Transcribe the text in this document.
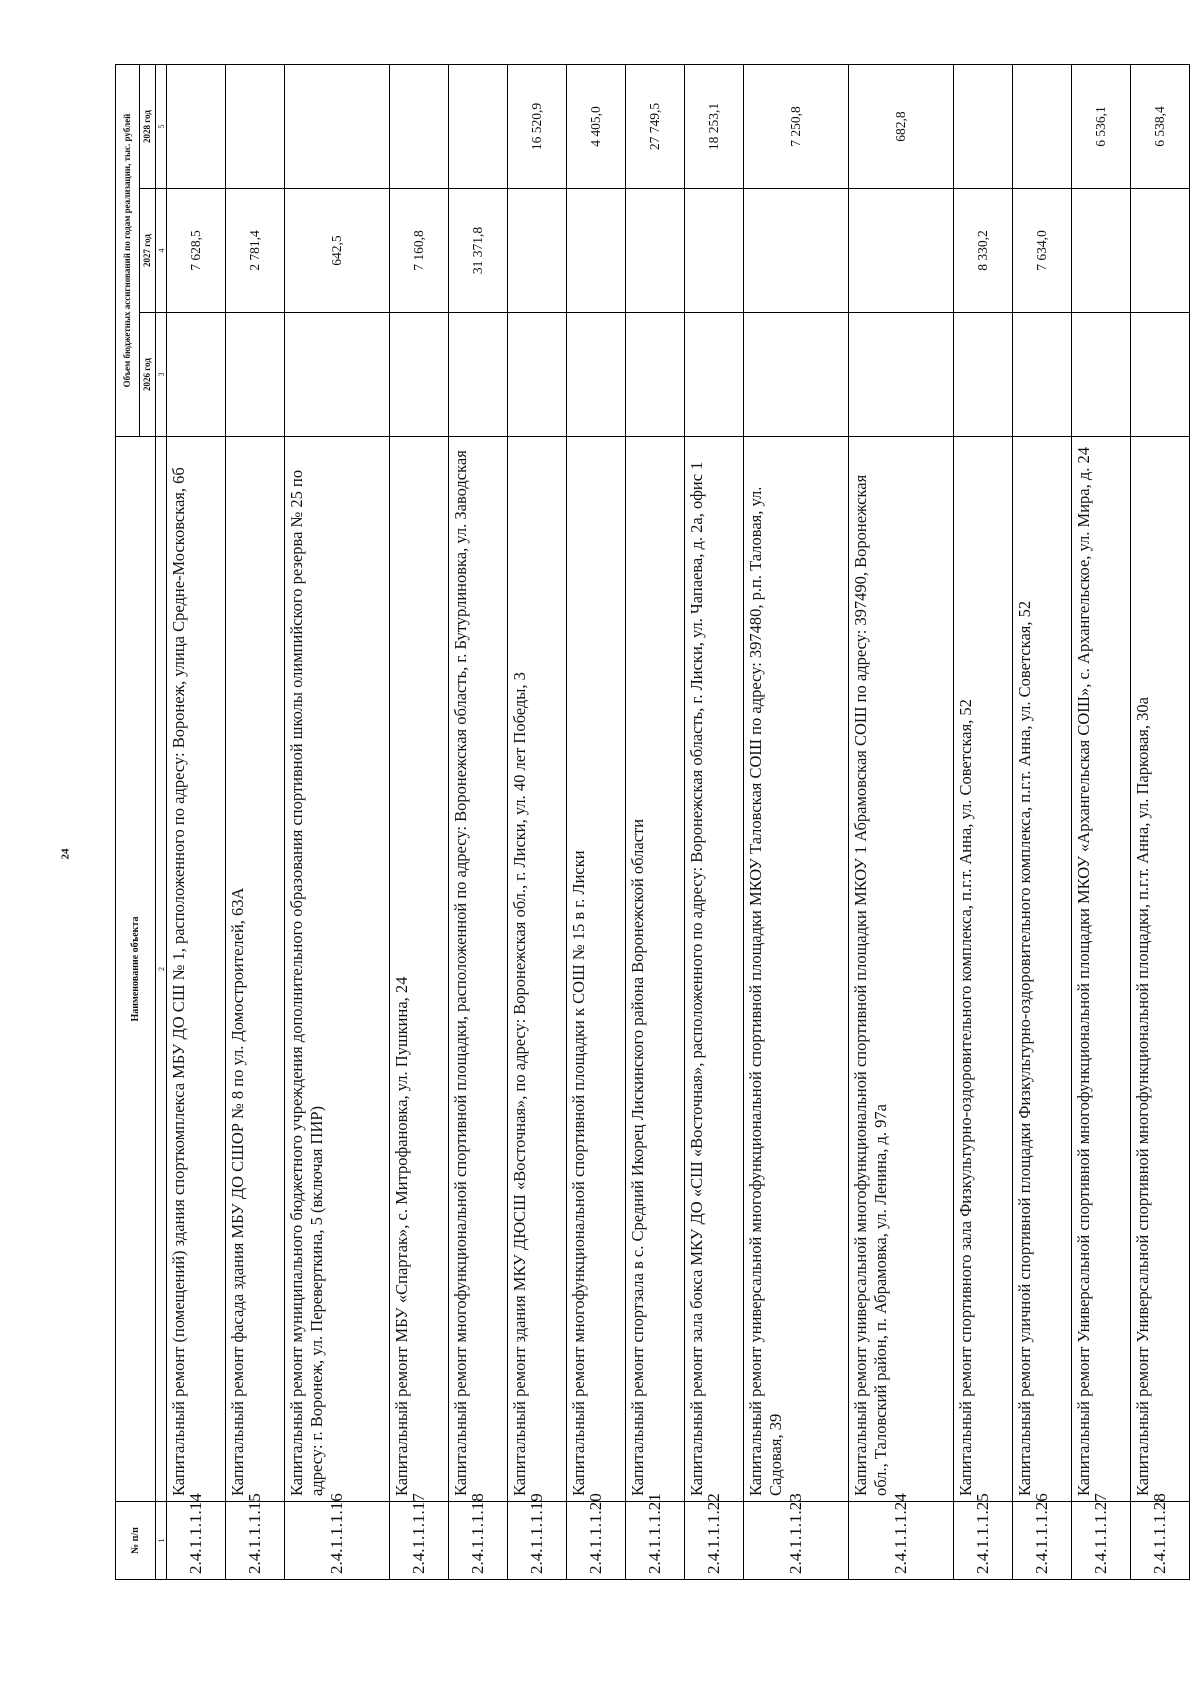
24
№ п/п	Наименование объекта	Объем бюджетных ассигнований по годам реализации, тыс. рублей		
		2026 год	2027 год	2028 год
1	2	3	4	5
2.4.1.1.1.14	Капитальный ремонт (помещений) здания спорткомплекса МБУ ДО СШ № 1, расположенного по адресу: Воронеж, улица Средне-Московская, 6б		7 628,5	
2.4.1.1.1.15	Капитальный ремонт фасада здания МБУ ДО СШОР № 8 по ул. Домостроителей, 63А		2 781,4	
2.4.1.1.1.16	Капитальный ремонт муниципального бюджетного учреждения дополнительного образования спортивной школы олимпийского резерва № 25 по адресу: г. Воронеж, ул. Переверткина, 5 (включая ПИР)		642,5	
2.4.1.1.1.17	Капитальный ремонт МБУ «Спартак», с. Митрофановка, ул. Пушкина, 24		7 160,8	
2.4.1.1.1.18	Капитальный ремонт многофункциональной спортивной площадки, расположенной по адресу: Воронежская область, г. Бутурлиновка, ул. Заводская		31 371,8	
2.4.1.1.1.19	Капитальный ремонт здания МКУ ДЮСШ «Восточная», по адресу: Воронежская обл., г. Лиски, ул. 40 лет Победы, 3			16 520,9
2.4.1.1.1.20	Капитальный ремонт многофункциональной спортивной площадки к СОШ № 15 в г. Лиски			4 405,0
2.4.1.1.1.21	Капитальный ремонт спортзала в с. Средний Икорец Лискинского района Воронежской области			27 749,5
2.4.1.1.1.22	Капитальный ремонт зала бокса МКУ ДО «СШ «Восточная», расположенного по адресу: Воронежская область, г. Лиски, ул. Чапаева, д. 2а, офис 1			18 253,1
2.4.1.1.1.23	Капитальный ремонт универсальной многофункциональной спортивной площадки МКОУ Таловская СОШ по адресу: 397480, р.п. Таловая, ул. Садовая, 39			7 250,8
2.4.1.1.1.24	Капитальный ремонт универсальной многофункциональной спортивной площадки МКОУ 1 Абрамовская СОШ по адресу: 397490, Воронежская обл., Таловский район, п. Абрамовка, ул. Ленина, д. 97а			682,8
2.4.1.1.1.25	Капитальный ремонт спортивного зала Физкультурно-оздоровительного комплекса, п.г.т. Анна, ул. Советская, 52		8 330,2	
2.4.1.1.1.26	Капитальный ремонт уличной спортивной площадки Физкультурно-оздоровительного комплекса, п.г.т. Анна, ул. Советская, 52		7 634,0	
2.4.1.1.1.27	Капитальный ремонт Универсальной спортивной многофункциональной площадки МКОУ «Архангельская СОШ», с. Архангельское, ул. Мира, д. 24			6 536,1
2.4.1.1.1.28	Капитальный ремонт Универсальной спортивной многофункциональной площадки, п.г.т. Анна, ул. Парковая, 30а			6 538,4
